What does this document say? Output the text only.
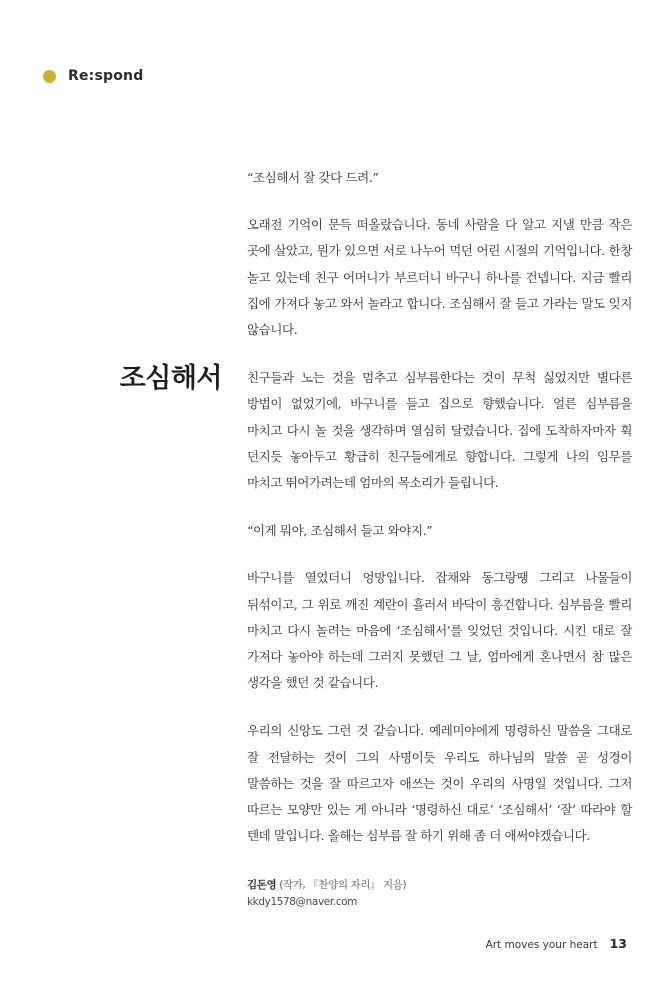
Re:spond
조심해서

“조심해서 잘 갖다 드려.”

오래전 기억이 문득 떠올랐습니다. 동네 사람을 다 알고 지낼 만큼 작은 곳에 살았고, 뭔가 있으면 서로 나누어 먹던 어린 시절의 기억입니다. 한창 놀고 있는데 친구 어머니가 부르더니 바구니 하나를 건넵니다. 지금 빨리 집에 가져다 놓고 와서 놀라고 합니다. 조심해서 잘 들고 가라는 말도 잊지 않습니다.

친구들과 노는 것을 멈추고 심부름한다는 것이 무척 싫었지만 별다른 방법이 없었기에, 바구니를 들고 집으로 향했습니다. 얼른 심부름을 마치고 다시 놀 것을 생각하며 열심히 달렸습니다. 집에 도착하자마자 휙 던지듯 놓아두고 황급히 친구들에게로 향합니다. 그렇게 나의 임무를 마치고 뛰어가려는데 엄마의 목소리가 들립니다.

“이게 뭐야, 조심해서 들고 와야지.”

바구니를 열었더니 엉망입니다. 잡채와 동그랑땡 그리고 나물들이 뒤섞이고, 그 위로 깨진 계란이 흘러서 바닥이 흥건합니다. 심부름을 빨리 마치고 다시 놀려는 마음에 ‘조심해서’를 잊었던 것입니다. 시킨 대로 잘 가져다 놓아야 하는데 그러지 못했던 그 날, 엄마에게 혼나면서 참 많은 생각을 했던 것 같습니다.

우리의 신앙도 그런 것 같습니다. 예레미야에게 명령하신 말씀을 그대로 잘 전달하는 것이 그의 사명이듯 우리도 하나님의 말씀 곧 성경이 말씀하는 것을 잘 따르고자 애쓰는 것이 우리의 사명일 것입니다. 그저 따르는 모양만 있는 게 아니라 ‘명령하신 대로’ ‘조심해서’ ‘잘’ 따라야 할 텐데 말입니다. 올해는 심부름 잘 하기 위해 좀 더 애써야겠습니다.

김돈영 (작가, 『찬양의 자리』 지음)
kkdy1578@naver.com
Art moves your heart 13
